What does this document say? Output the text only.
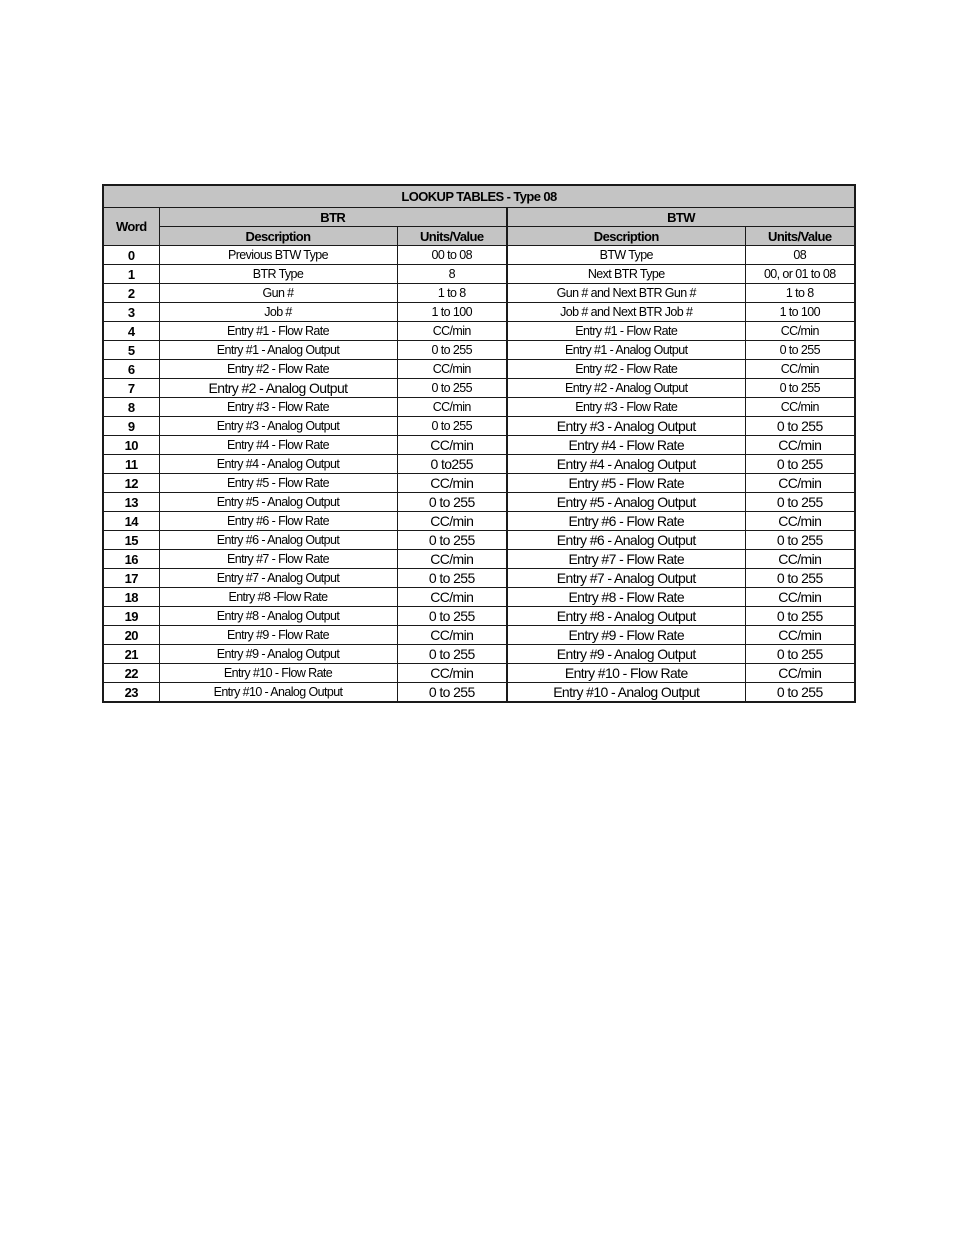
LOOKUP TABLES - Type 08				
Word	BTR		BTW	
	Description	Units/Value	Description	Units/Value
0	Previous BTW Type	00 to 08	BTW Type	08
1	BTR Type	8	Next BTR Type	00, or 01 to 08
2	Gun #	1 to 8	Gun # and Next BTR Gun #	1 to 8
3	Job #	1 to 100	Job # and Next BTR Job #	1 to 100
4	Entry #1 - Flow Rate	CC/min	Entry #1 - Flow Rate	CC/min
5	Entry #1 - Analog Output	0 to 255	Entry #1 - Analog Output	0 to 255
6	Entry #2 - Flow Rate	CC/min	Entry #2 - Flow Rate	CC/min
7	Entry #2 - Analog Output	0 to 255	Entry #2 - Analog Output	0 to 255
8	Entry #3 - Flow Rate	CC/min	Entry #3 - Flow Rate	CC/min
9	Entry #3 - Analog Output	0 to 255	Entry #3 - Analog Output	0 to 255
10	Entry #4 - Flow Rate	CC/min	Entry #4 - Flow Rate	CC/min
11	Entry #4 - Analog Output	0 to255	Entry #4 - Analog Output	0 to 255
12	Entry #5 - Flow Rate	CC/min	Entry #5 - Flow Rate	CC/min
13	Entry #5 - Analog Output	0 to 255	Entry #5 - Analog Output	0 to 255
14	Entry #6 - Flow Rate	CC/min	Entry #6 - Flow Rate	CC/min
15	Entry #6 - Analog Output	0 to 255	Entry #6 - Analog Output	0 to 255
16	Entry #7 - Flow Rate	CC/min	Entry #7 - Flow Rate	CC/min
17	Entry #7 - Analog Output	0 to 255	Entry #7 - Analog Output	0 to 255
18	Entry #8 -Flow Rate	CC/min	Entry #8 - Flow Rate	CC/min
19	Entry #8 - Analog Output	0 to 255	Entry #8 - Analog Output	0 to 255
20	Entry #9 - Flow Rate	CC/min	Entry #9 - Flow Rate	CC/min
21	Entry #9 - Analog Output	0 to 255	Entry #9 - Analog Output	0 to 255
22	Entry #10 - Flow Rate	CC/min	Entry #10 - Flow Rate	CC/min
23	Entry #10 - Analog Output	0 to 255	Entry #10 - Analog Output	0 to 255
